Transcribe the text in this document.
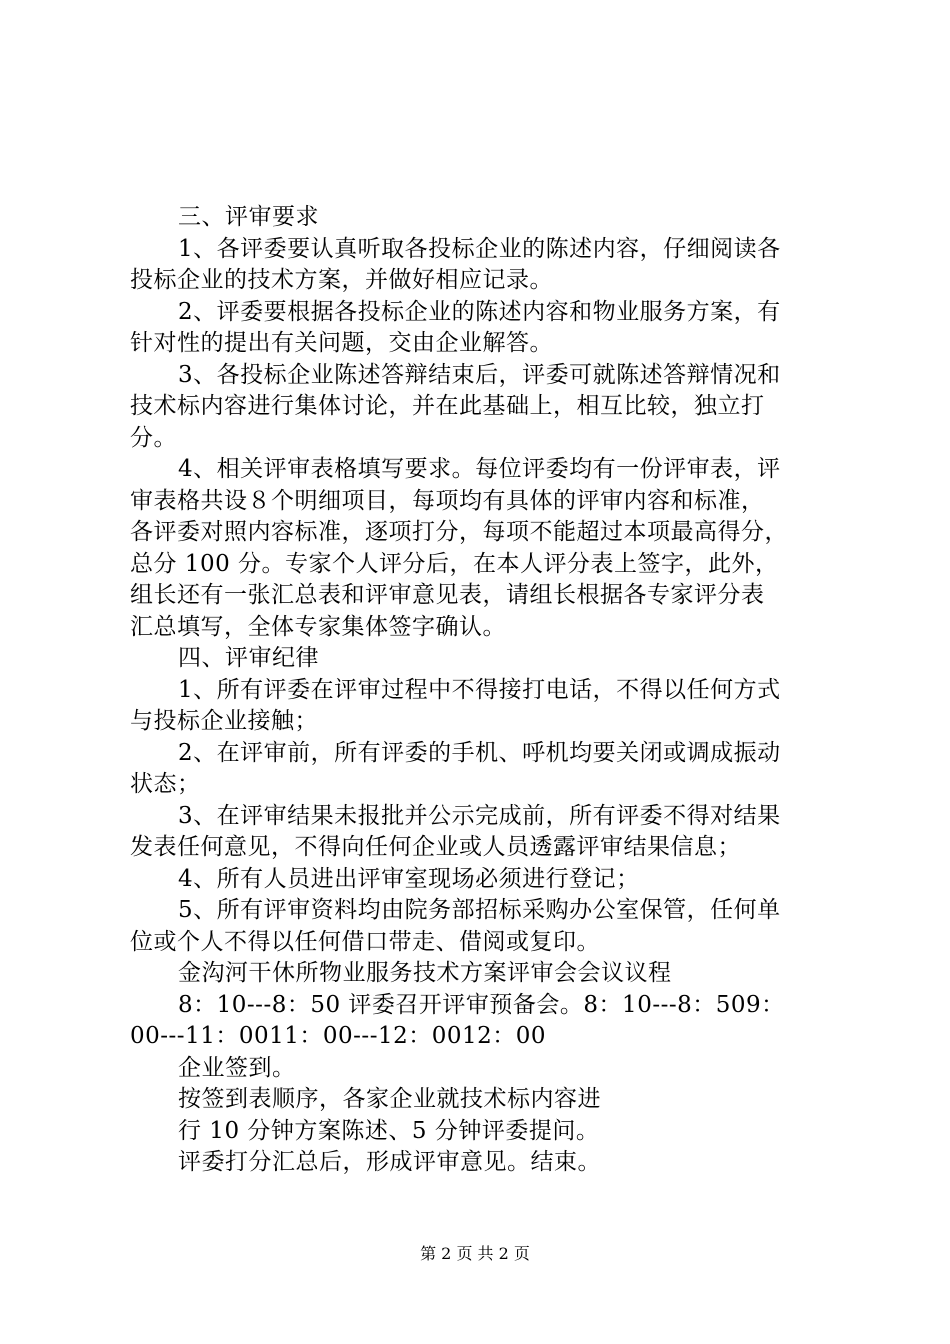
三、评审要求
1、各评委要认真听取各投标企业的陈述内容，仔细阅读各
投标企业的技术方案，并做好相应记录。
2、评委要根据各投标企业的陈述内容和物业服务方案，有
针对性的提出有关问题，交由企业解答。
3、各投标企业陈述答辩结束后，评委可就陈述答辩情况和
技术标内容进行集体讨论，并在此基础上，相互比较，独立打
分。
4、相关评审表格填写要求。每位评委均有一份评审表，评
审表格共设８个明细项目，每项均有具体的评审内容和标准，
各评委对照内容标准，逐项打分，每项不能超过本项最高得分，
总分 100 分。专家个人评分后，在本人评分表上签字，此外，
组长还有一张汇总表和评审意见表，请组长根据各专家评分表
汇总填写，全体专家集体签字确认。
四、评审纪律
1、所有评委在评审过程中不得接打电话，不得以任何方式
与投标企业接触；
2、在评审前，所有评委的手机、呼机均要关闭或调成振动
状态；
3、在评审结果未报批并公示完成前，所有评委不得对结果
发表任何意见，不得向任何企业或人员透露评审结果信息；
4、所有人员进出评审室现场必须进行登记；
5、所有评审资料均由院务部招标采购办公室保管，任何单
位或个人不得以任何借口带走、借阅或复印。
金沟河干休所物业服务技术方案评审会会议议程
8：10---8：50 评委召开评审预备会。8：10---8：509：
00---11：0011：00---12：0012：00
企业签到。
按签到表顺序，各家企业就技术标内容进
行 10 分钟方案陈述、5 分钟评委提问。
评委打分汇总后，形成评审意见。结束。
第 2 页 共 2 页
